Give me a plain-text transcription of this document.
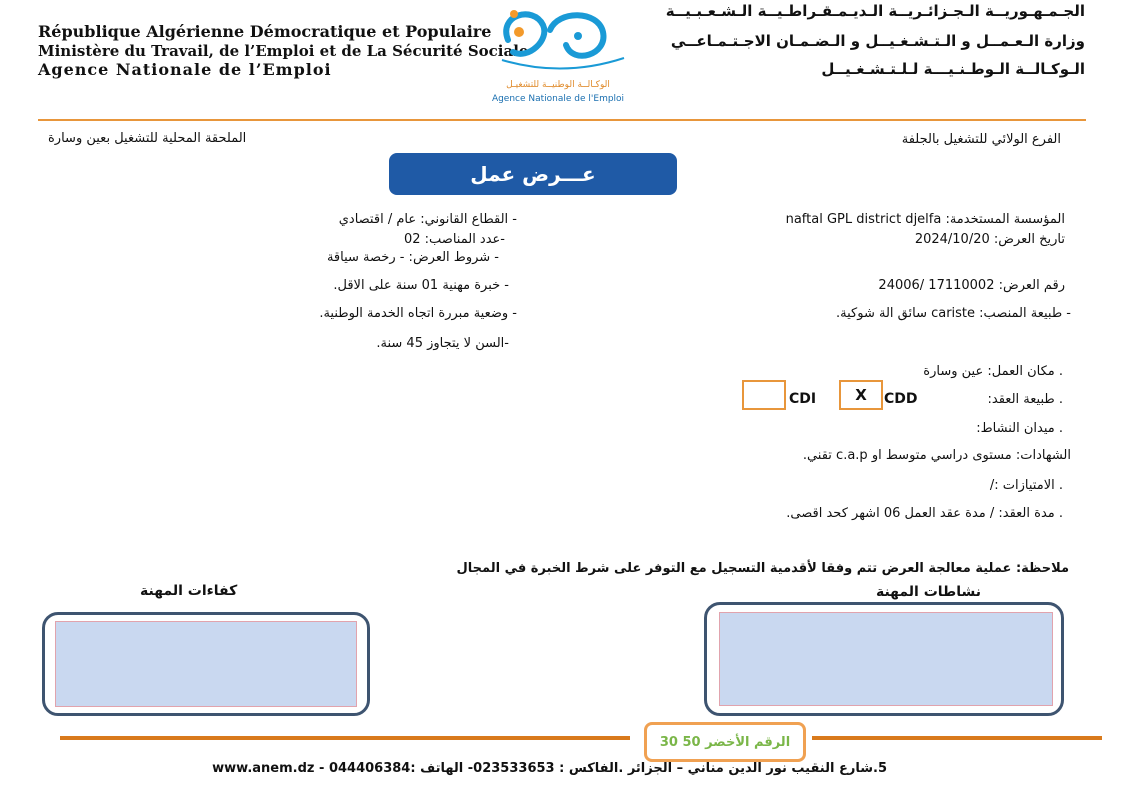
République Algérienne Démocratique et Populaire
Ministère du Travail, de l’Emploi et de La Sécurité Sociale
Agence Nationale de l’Emploi
الوكـالــة الوطنيــة للتشغيـل
Agence Nationale de l'Emploi
الجـمـهـوريــة الـجـزائـريــة الـديـمـقـراطـيــة الـشـعـبـيــة
وزارة الـعـمــل و الـتـشـغـيــل و الـضـمـان الاجـتـمـاعــي
الـوكـالــة الـوطـنـيـــة لـلـتـشـغـيــل
الفرع الولائي للتشغيل بالجلفة
الملحقة المحلية للتشغيل بعين وسارة
عـــرض عمل
المؤسسة المستخدمة: naftal GPL district djelfa
تاريخ العرض: 2024/10/20
رقم العرض: 17110002 /24006
- طبيعة المنصب: cariste سائق الة شوكية.
. مكان العمل: عين وسارة
. طبيعة العقد:
CDI	X CDD
. ميدان النشاط:
الشهادات: مستوى دراسي متوسط او c.a.p تقني.
. الامتيازات :/
. مدة العقد: / مدة عقد العمل 06 اشهر كحد اقصى.
- القطاع القانوني: عام / اقتصادي
-عدد المناصب: 02
- شروط العرض: - رخصة سياقة
- خبرة مهنية 01 سنة على الاقل.
- وضعية مبررة اتجاه الخدمة الوطنية.
-السن لا يتجاوز 45 سنة.
ملاحظة: عملية معالجة العرض تتم وفقا لأقدمية التسجيل مع التوفر على شرط الخبرة في المجال
نشاطات المهنة
كفاءات المهنة
الرقم الأخضر 50 30
5.شارع النقيب نور الدين مناني – الجزائر .الفاكس : 023533653- الهاتف :044406384 - www.anem.dz
